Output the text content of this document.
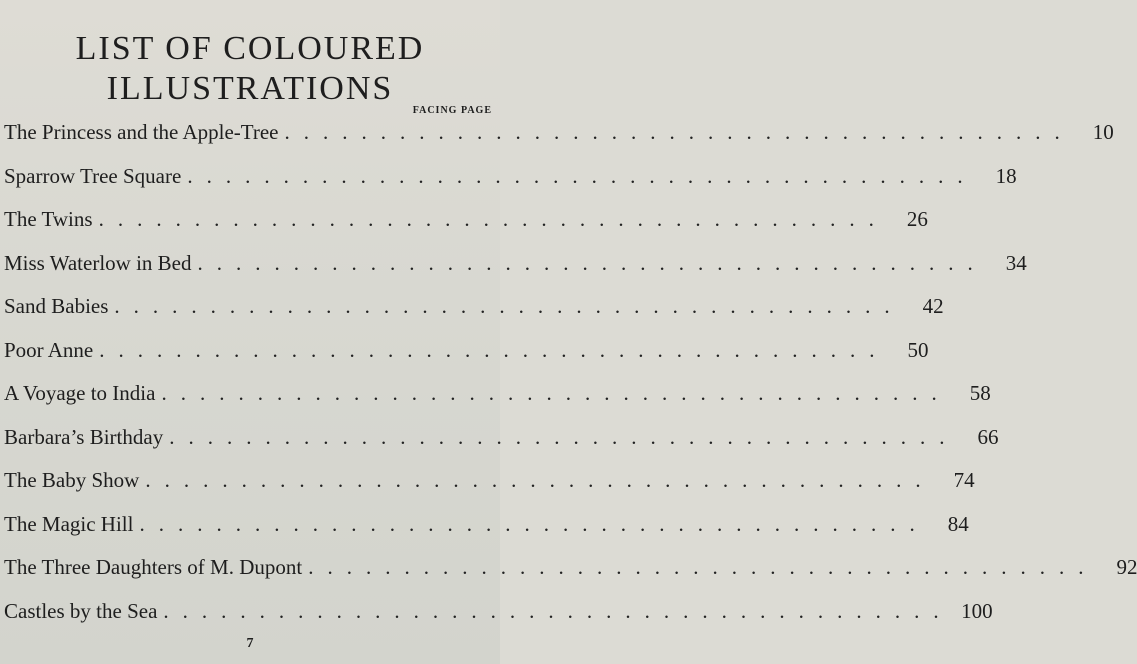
LIST OF COLOURED
ILLUSTRATIONS
FACING PAGE
The Princess and the Apple-Tree ......................................... 10
Sparrow Tree Square ......................................... 18
The Twins ......................................... 26
Miss Waterlow in Bed ......................................... 34
Sand Babies ......................................... 42
Poor Anne ......................................... 50
A Voyage to India ......................................... 58
Barbara’s Birthday ......................................... 66
The Baby Show ......................................... 74
The Magic Hill ......................................... 84
The Three Daughters of M. Dupont ......................................... 92
Castles by the Sea ......................................... 100
7
